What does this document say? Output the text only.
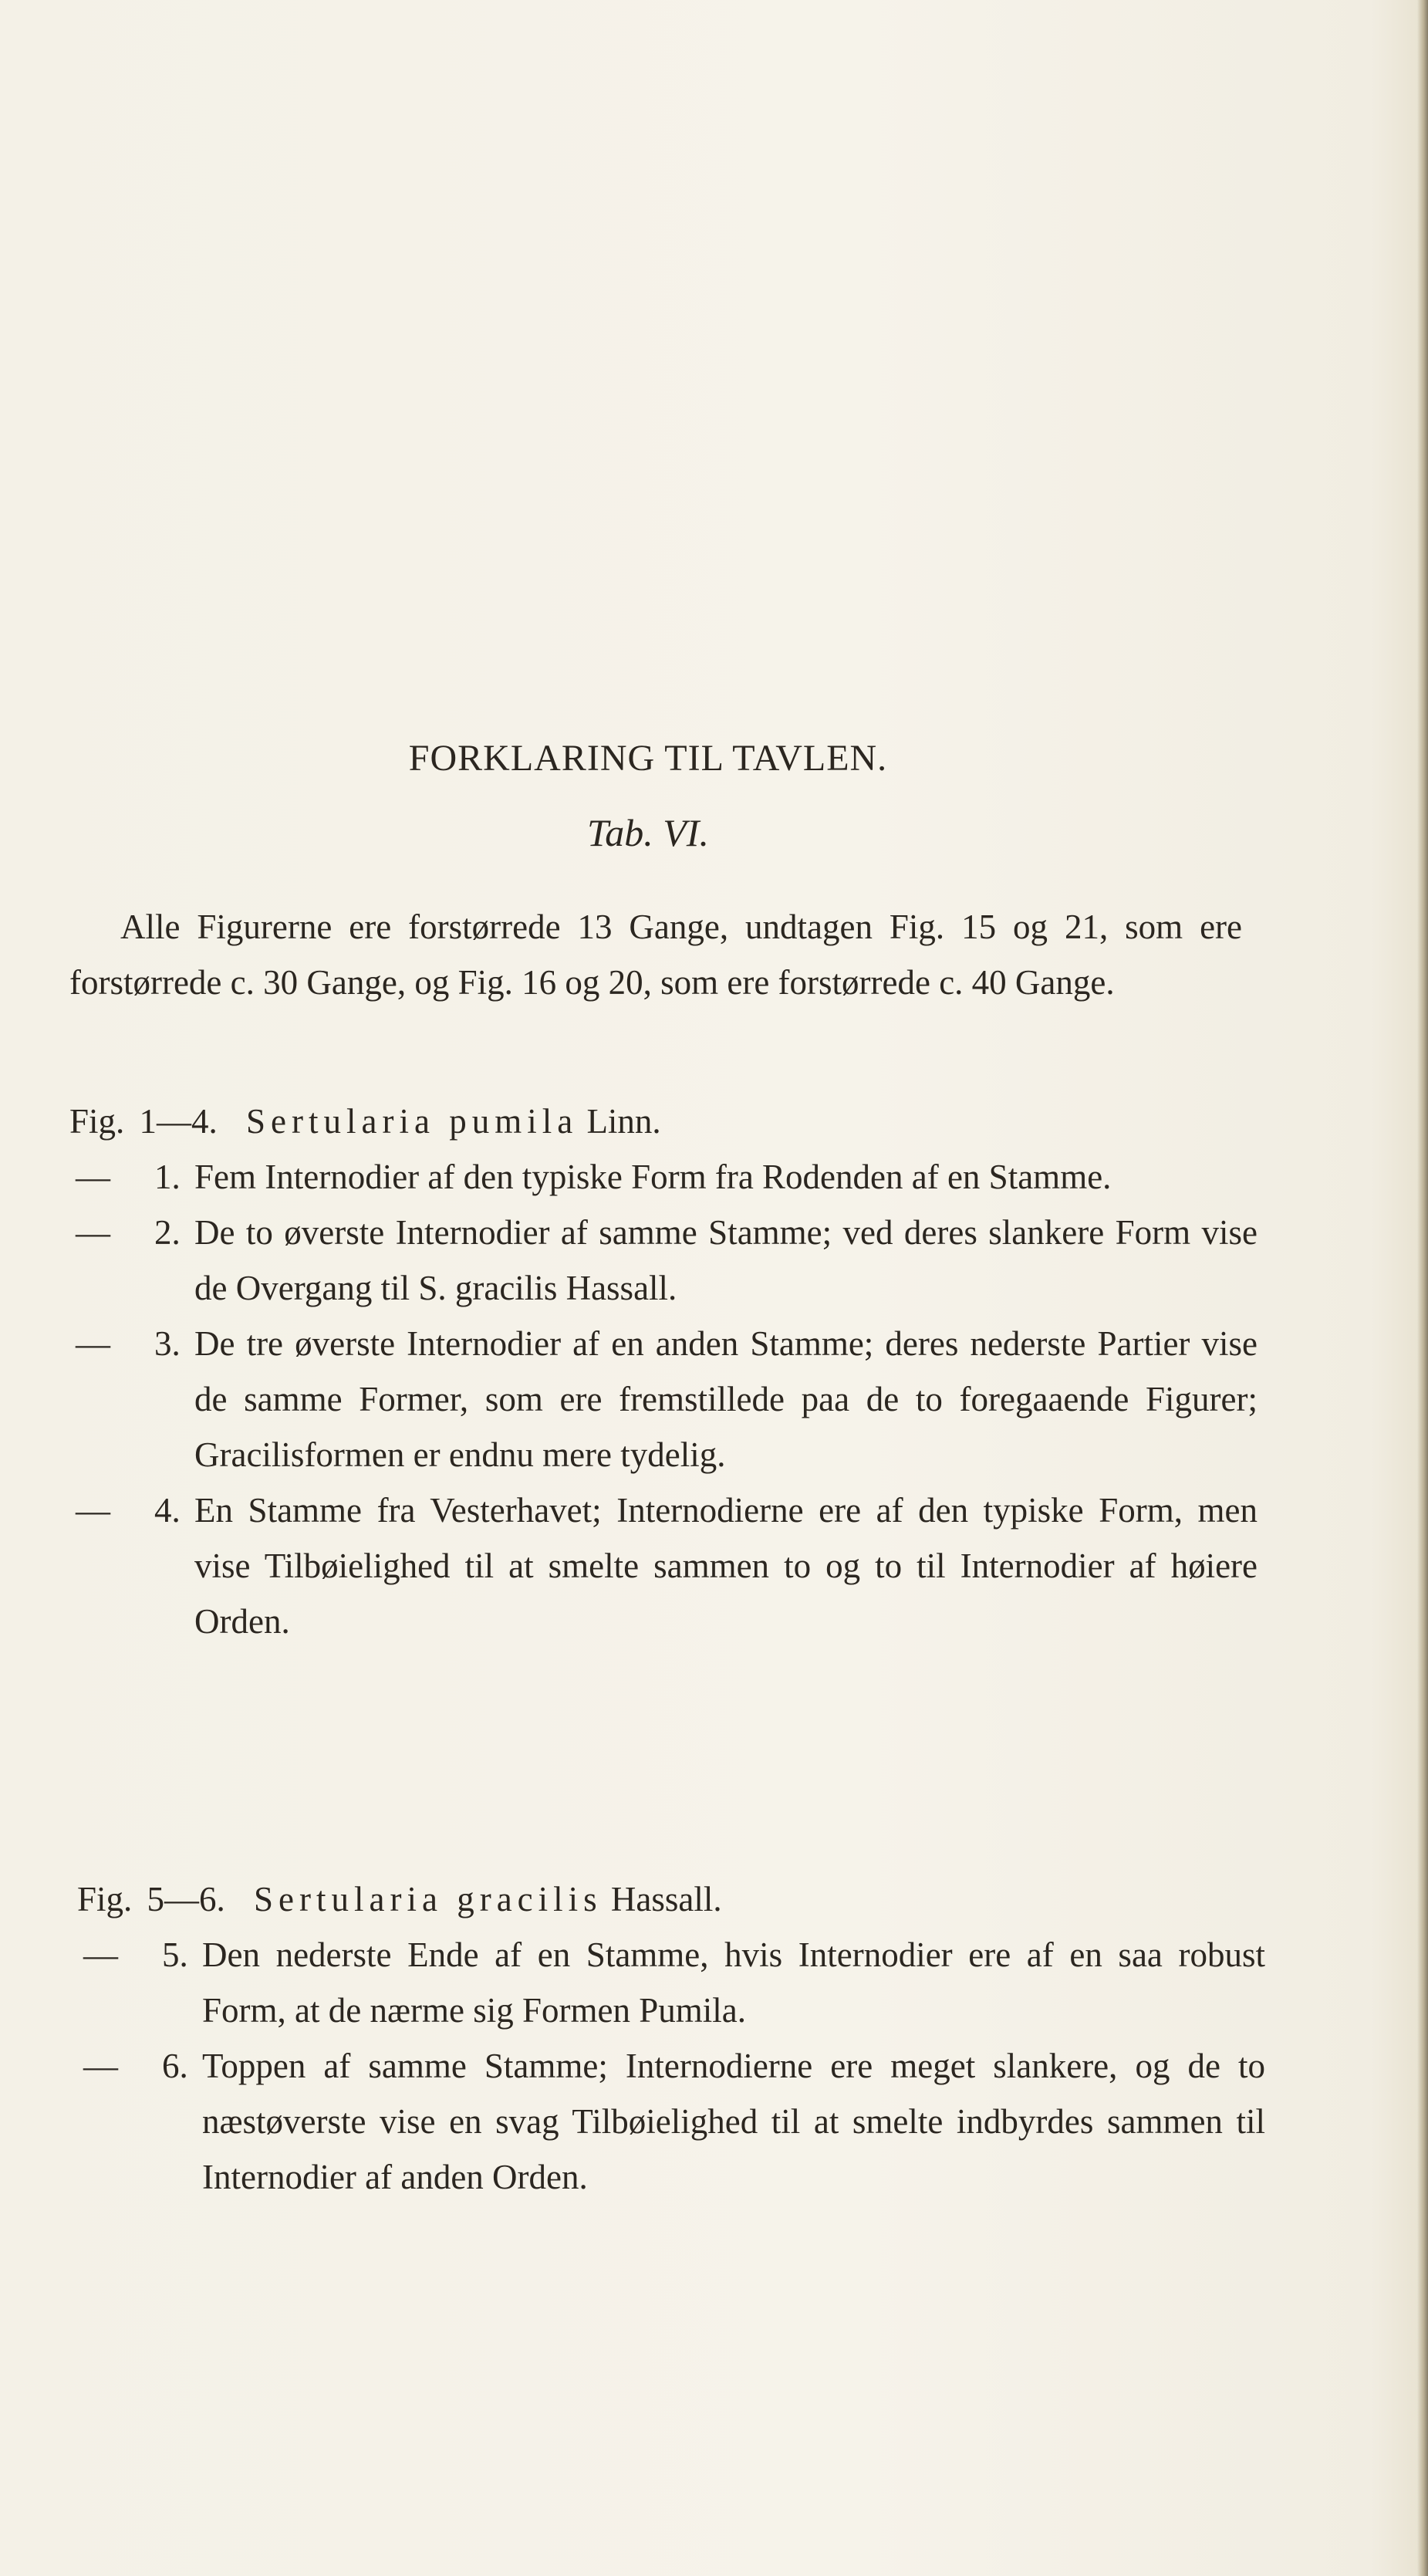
FORKLARING TIL TAVLEN.
Tab. VI.
Alle Figurerne ere forstørrede 13 Gange, undtagen Fig. 15 og 21, som ere forstørrede c. 30 Gange, og Fig. 16 og 20, som ere forstørrede c. 40 Gange.
Fig. 1—4. Sertularia pumila Linn.
—	1. Fem Internodier af den typiske Form fra Rodenden af en Stamme.
—	2. De to øverste Internodier af samme Stamme; ved deres slankere Form vise de Overgang til S. gracilis Hassall.
—	3. De tre øverste Internodier af en anden Stamme; deres nederste Partier vise de samme Former, som ere fremstillede paa de to foregaaende Figurer; Gracilisformen er endnu mere tydelig.
—	4. En Stamme fra Vesterhavet; Internodierne ere af den typiske Form, men vise Tilbøielighed til at smelte sammen to og to til Internodier af høiere Orden.
Fig. 5—6. Sertularia gracilis Hassall.
—	5. Den nederste Ende af en Stamme, hvis Internodier ere af en saa robust Form, at de nærme sig Formen Pumila.
—	6. Toppen af samme Stamme; Internodierne ere meget slankere, og de to næstøverste vise en svag Tilbøielighed til at smelte indbyrdes sammen til Internodier af anden Orden.
